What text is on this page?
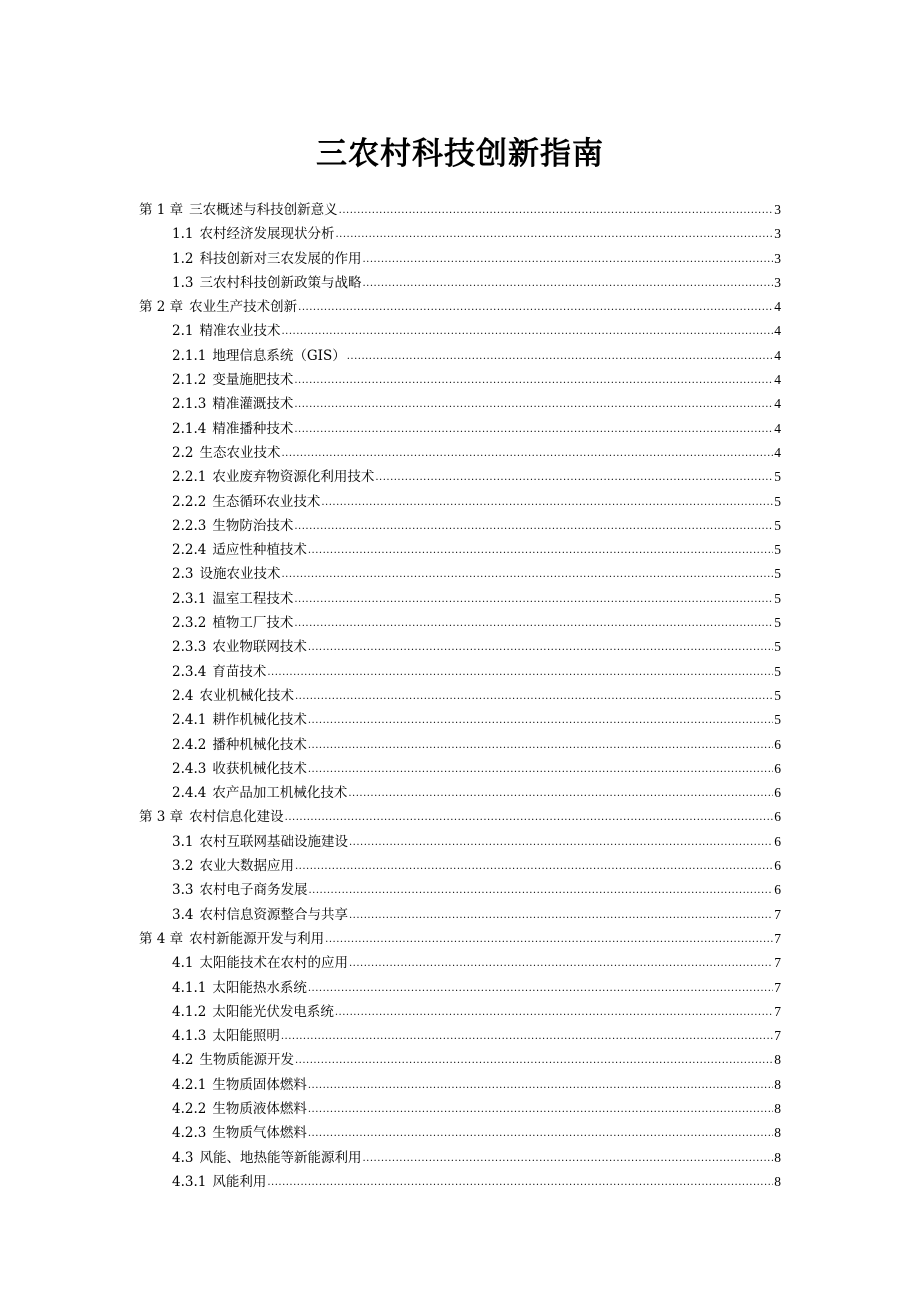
三农村科技创新指南
第 1 章 三农概述与科技创新意义 .....	3
1.1 农村经济发展现状分析 .....	3
1.2 科技创新对三农发展的作用 .....	3
1.3 三农村科技创新政策与战略 .....	3
第 2 章 农业生产技术创新 .....	4
2.1 精准农业技术 .....	4
2.1.1 地理信息系统（GIS） .....	4
2.1.2 变量施肥技术 .....	4
2.1.3 精准灌溉技术 .....	4
2.1.4 精准播种技术 .....	4
2.2 生态农业技术 .....	4
2.2.1 农业废弃物资源化利用技术 .....	5
2.2.2 生态循环农业技术 .....	5
2.2.3 生物防治技术 .....	5
2.2.4 适应性种植技术 .....	5
2.3 设施农业技术 .....	5
2.3.1 温室工程技术 .....	5
2.3.2 植物工厂技术 .....	5
2.3.3 农业物联网技术 .....	5
2.3.4 育苗技术 .....	5
2.4 农业机械化技术 .....	5
2.4.1 耕作机械化技术 .....	5
2.4.2 播种机械化技术 .....	6
2.4.3 收获机械化技术 .....	6
2.4.4 农产品加工机械化技术 .....	6
第 3 章 农村信息化建设 .....	6
3.1 农村互联网基础设施建设 .....	6
3.2 农业大数据应用 .....	6
3.3 农村电子商务发展 .....	6
3.4 农村信息资源整合与共享 .....	7
第 4 章 农村新能源开发与利用 .....	7
4.1 太阳能技术在农村的应用 .....	7
4.1.1 太阳能热水系统 .....	7
4.1.2 太阳能光伏发电系统 .....	7
4.1.3 太阳能照明 .....	7
4.2 生物质能源开发 .....	8
4.2.1 生物质固体燃料 .....	8
4.2.2 生物质液体燃料 .....	8
4.2.3 生物质气体燃料 .....	8
4.3 风能、地热能等新能源利用 .....	8
4.3.1 风能利用 .....	8
